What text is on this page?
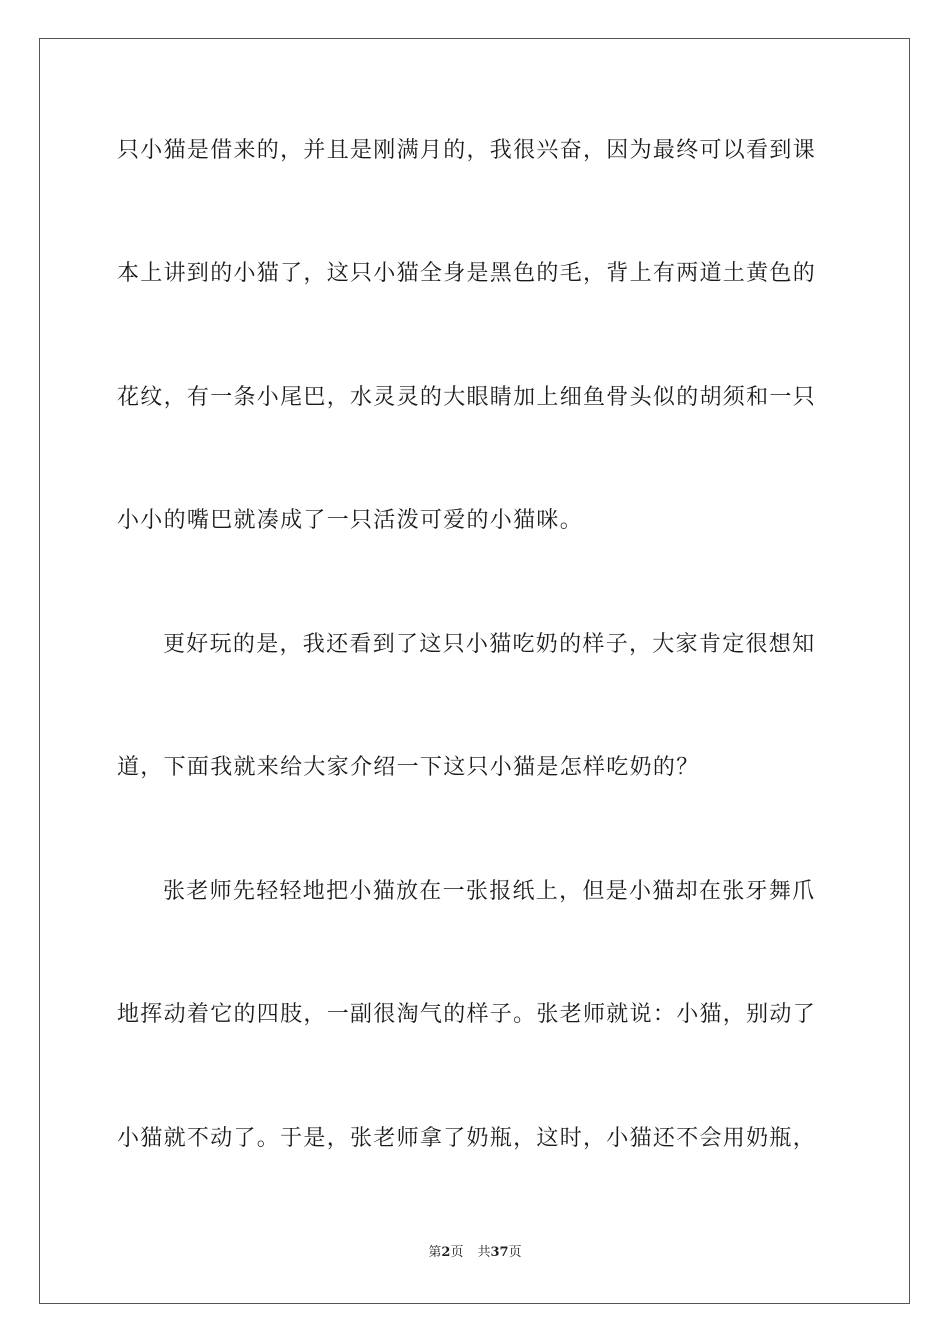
只小猫是借来的，并且是刚满月的，我很兴奋，因为最终可以看到课
本上讲到的小猫了，这只小猫全身是黑色的毛，背上有两道土黄色的
花纹，有一条小尾巴，水灵灵的大眼睛加上细鱼骨头似的胡须和一只
小小的嘴巴就凑成了一只活泼可爱的小猫咪。
更好玩的是，我还看到了这只小猫吃奶的样子，大家肯定很想知
道，下面我就来给大家介绍一下这只小猫是怎样吃奶的？
张老师先轻轻地把小猫放在一张报纸上，但是小猫却在张牙舞爪
地挥动着它的四肢，一副很淘气的样子。张老师就说：小猫，别动了
小猫就不动了。于是，张老师拿了奶瓶，这时，小猫还不会用奶瓶，
第2页 共37页
